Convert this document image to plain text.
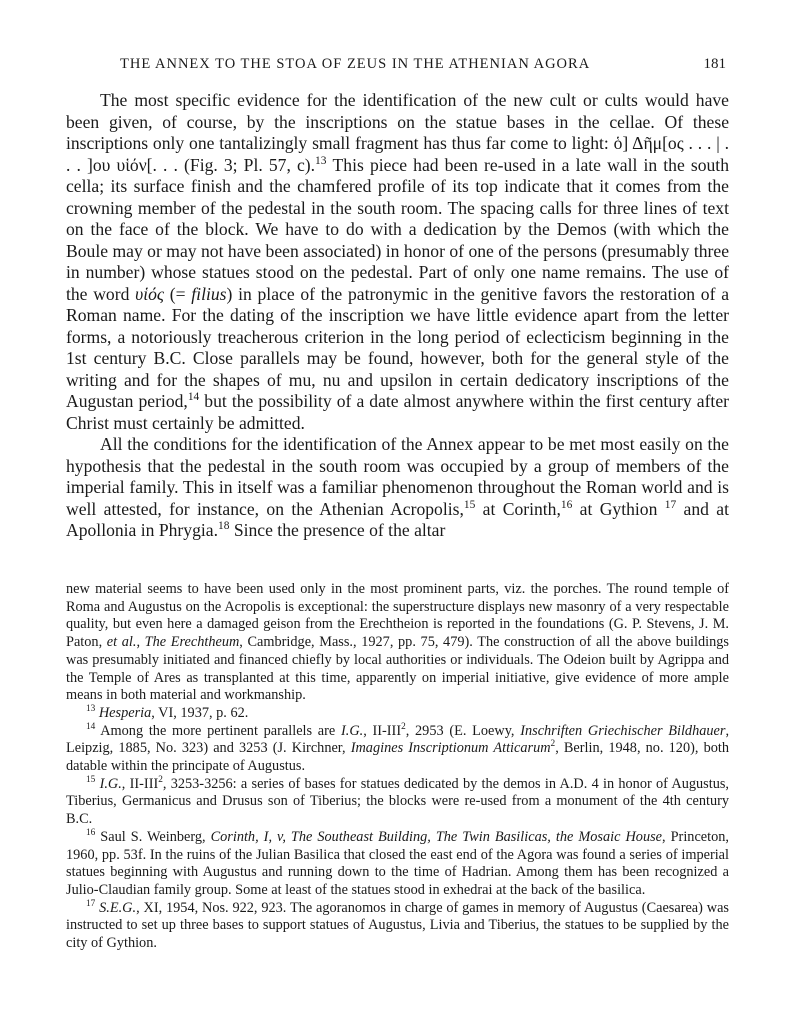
THE ANNEX TO THE STOA OF ZEUS IN THE ATHENIAN AGORA	181

The most specific evidence for the identification of the new cult or cults would have been given, of course, by the inscriptions on the statue bases in the cellae. Of these inscriptions only one tantalizingly small fragment has thus far come to light: ὁ] Δῆμ[ος . . . | . . . ]ου υἱόν[. . . (Fig. 3; Pl. 57, c).$^{13}$ This piece had been re-used in a late wall in the south cella; its surface finish and the chamfered profile of its top indicate that it comes from the crowning member of the pedestal in the south room. The spacing calls for three lines of text on the face of the block. We have to do with a dedication by the Demos (with which the Boule may or may not have been associated) in honor of one of the persons (presumably three in number) whose statues stood on the pedestal. Part of only one name remains. The use of the word υἱός (= filius) in place of the patronymic in the genitive favors the restoration of a Roman name. For the dating of the inscription we have little evidence apart from the letter forms, a notoriously treacherous criterion in the long period of eclecticism beginning in the 1st century B.C. Close parallels may be found, however, both for the general style of the writing and for the shapes of mu, nu and upsilon in certain dedicatory inscriptions of the Augustan period,$^{14}$ but the possibility of a date almost anywhere within the first century after Christ must certainly be admitted.

All the conditions for the identification of the Annex appear to be met most easily on the hypothesis that the pedestal in the south room was occupied by a group of members of the imperial family. This in itself was a familiar phenomenon throughout the Roman world and is well attested, for instance, on the Athenian Acropolis,$^{15}$ at Corinth,$^{16}$ at Gythion $^{17}$ and at Apollonia in Phrygia.$^{18}$ Since the presence of the altar

new material seems to have been used only in the most prominent parts, viz. the porches. The round temple of Roma and Augustus on the Acropolis is exceptional: the superstructure displays new masonry of a very respectable quality, but even here a damaged geison from the Erechtheion is reported in the foundations (G. P. Stevens, J. M. Paton, et al., The Erechtheum, Cambridge, Mass., 1927, pp. 75, 479). The construction of all the above buildings was presumably initiated and financed chiefly by local authorities or individuals. The Odeion built by Agrippa and the Temple of Ares as transplanted at this time, apparently on imperial initiative, give evidence of more ample means in both material and workmanship.

$^{13}$ Hesperia, VI, 1937, p. 62.

$^{14}$ Among the more pertinent parallels are I.G., II-III$^2$, 2953 (E. Loewy, Inschriften Griechischer Bildhauer, Leipzig, 1885, No. 323) and 3253 (J. Kirchner, Imagines Inscriptionum Atticarum$^2$, Berlin, 1948, no. 120), both datable within the principate of Augustus.

$^{15}$ I.G., II-III$^2$, 3253-3256: a series of bases for statues dedicated by the demos in A.D. 4 in honor of Augustus, Tiberius, Germanicus and Drusus son of Tiberius; the blocks were re-used from a monument of the 4th century B.C.

$^{16}$ Saul S. Weinberg, Corinth, I, v, The Southeast Building, The Twin Basilicas, the Mosaic House, Princeton, 1960, pp. 53f. In the ruins of the Julian Basilica that closed the east end of the Agora was found a series of imperial statues beginning with Augustus and running down to the time of Hadrian. Among them has been recognized a Julio-Claudian family group. Some at least of the statues stood in exhedrai at the back of the basilica.

$^{17}$ S.E.G., XI, 1954, Nos. 922, 923. The agoranomos in charge of games in memory of Augustus (Caesarea) was instructed to set up three bases to support statues of Augustus, Livia and Tiberius, the statues to be supplied by the city of Gythion.
